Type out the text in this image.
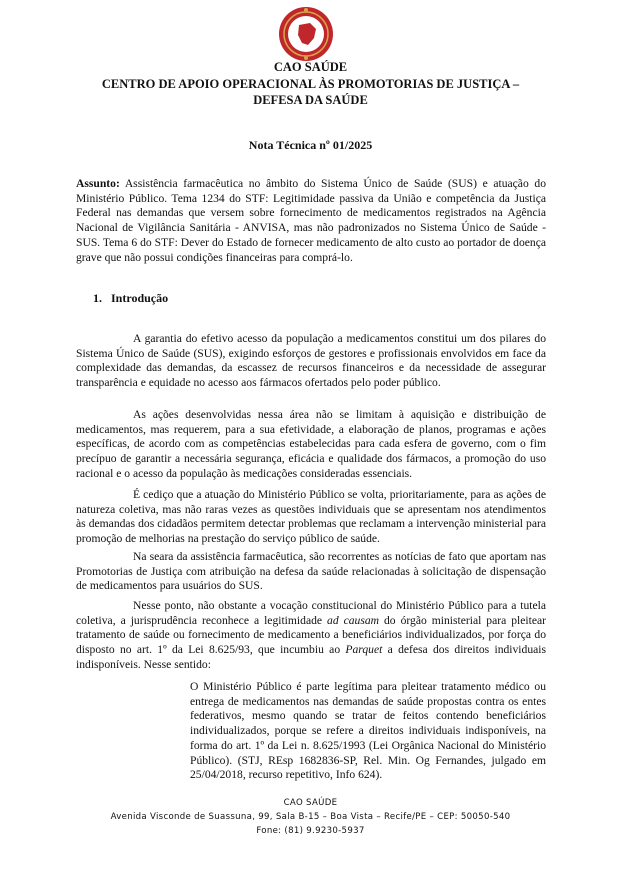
CAO SAÚDE
CENTRO DE APOIO OPERACIONAL ÀS PROMOTORIAS DE JUSTIÇA –
DEFESA DA SAÚDE
Nota Técnica nº 01/2025
Assunto: Assistência farmacêutica no âmbito do Sistema Único de Saúde (SUS) e atuação do Ministério Público. Tema 1234 do STF: Legitimidade passiva da União e competência da Justiça Federal nas demandas que versem sobre fornecimento de medicamentos registrados na Agência Nacional de Vigilância Sanitária - ANVISA, mas não padronizados no Sistema Único de Saúde - SUS. Tema 6 do STF: Dever do Estado de fornecer medicamento de alto custo ao portador de doença grave que não possui condições financeiras para comprá-lo.
1.   Introdução

A garantia do efetivo acesso da população a medicamentos constitui um dos pilares do Sistema Único de Saúde (SUS), exigindo esforços de gestores e profissionais envolvidos em face da complexidade das demandas, da escassez de recursos financeiros e da necessidade de assegurar transparência e equidade no acesso aos fármacos ofertados pelo poder público.

As ações desenvolvidas nessa área não se limitam à aquisição e distribuição de medicamentos, mas requerem, para a sua efetividade, a elaboração de planos, programas e ações específicas, de acordo com as competências estabelecidas para cada esfera de governo, com o fim precípuo de garantir a necessária segurança, eficácia e qualidade dos fármacos, a promoção do uso racional e o acesso da população às medicações consideradas essenciais.

É cediço que a atuação do Ministério Público se volta, prioritariamente, para as ações de natureza coletiva, mas não raras vezes as questões individuais que se apresentam nos atendimentos às demandas dos cidadãos permitem detectar problemas que reclamam a intervenção ministerial para promoção de melhorias na prestação do serviço público de saúde.

Na seara da assistência farmacêutica, são recorrentes as notícias de fato que aportam nas Promotorias de Justiça com atribuição na defesa da saúde relacionadas à solicitação de dispensação de medicamentos para usuários do SUS.

Nesse ponto, não obstante a vocação constitucional do Ministério Público para a tutela coletiva, a jurisprudência reconhece a legitimidade ad causam do órgão ministerial para pleitear tratamento de saúde ou fornecimento de medicamento a beneficiários individualizados, por força do disposto no art. 1º da Lei 8.625/93, que incumbiu ao Parquet a defesa dos direitos individuais indisponíveis. Nesse sentido:

O Ministério Público é parte legítima para pleitear tratamento médico ou entrega de medicamentos nas demandas de saúde propostas contra os entes federativos, mesmo quando se tratar de feitos contendo beneficiários individualizados, porque se refere a direitos individuais indisponíveis, na forma do art. 1º da Lei n. 8.625/1993 (Lei Orgânica Nacional do Ministério Público). (STJ, REsp 1682836-SP, Rel. Min. Og Fernandes, julgado em 25/04/2018, recurso repetitivo, Info 624).

CAO SAÚDE
Avenida Visconde de Suassuna, 99, Sala B-15 – Boa Vista – Recife/PE – CEP: 50050-540
Fone: (81) 9.9230-5937
